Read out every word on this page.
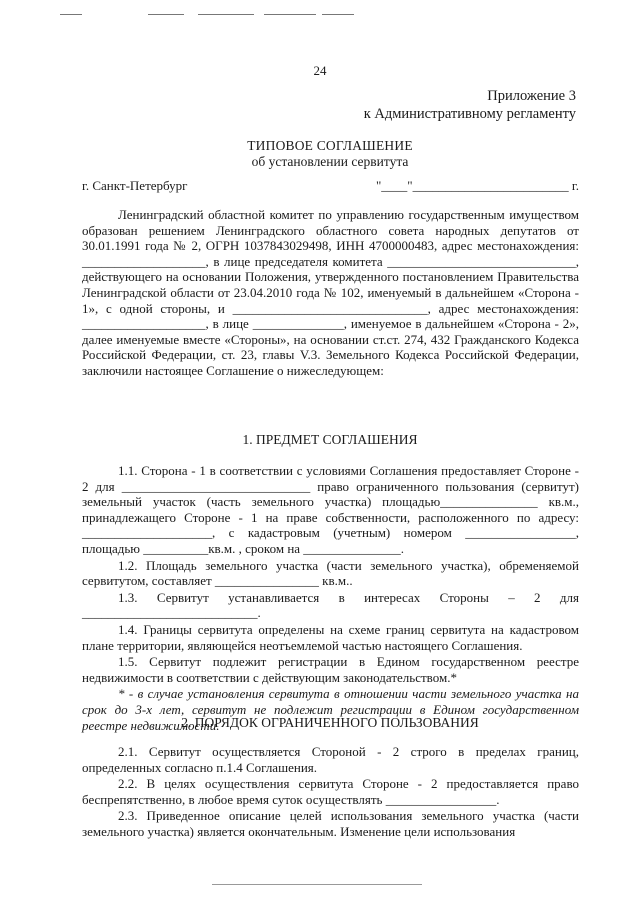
24
Приложение 3
к Административному регламенту
ТИПОВОЕ СОГЛАШЕНИЕ
об установлении сервитута
г. Санкт-Петербург	"____"________________________ г.

Ленинградский областной комитет по управлению государственным имуществом образован решением Ленинградского областного совета народных депутатов от 30.01.1991 года № 2, ОГРН 1037843029498, ИНН 4700000483, адрес местонахождения: ___________________, в лице председателя комитета _____________________________, действующего на основании Положения, утвержденного постановлением Правительства Ленинградской области от 23.04.2010 года № 102, именуемый в дальнейшем «Сторона - 1», с одной стороны, и ______________________________, адрес местонахождения: ___________________, в лице ______________, именуемое в дальнейшем «Сторона - 2», далее именуемые вместе «Стороны», на основании ст.ст. 274, 432 Гражданского Кодекса Российской Федерации, ст. 23, главы V.3. Земельного Кодекса Российской Федерации, заключили настоящее Соглашение о нижеследующем:

1. ПРЕДМЕТ СОГЛАШЕНИЯ

1.1. Сторона - 1 в соответствии с условиями Соглашения предоставляет Стороне - 2 для _____________________________ право ограниченного пользования (сервитут) земельный участок (часть земельного участка) площадью_______________ кв.м., принадлежащего Стороне - 1 на праве собственности, расположенного по адресу: ____________________, с кадастровым (учетным) номером _________________, площадью __________кв.м. , сроком на _______________.

1.2. Площадь земельного участка (части земельного участка), обременяемой сервитутом, составляет ________________ кв.м..

1.3. Сервитут устанавливается в интересах Стороны – 2 для ___________________________.

1.4. Границы сервитута определены на схеме границ сервитута на кадастровом плане территории, являющейся неотъемлемой частью настоящего Соглашения.

1.5. Сервитут подлежит регистрации в Едином государственном реестре недвижимости в соответствии с действующим законодательством.*

* - в случае установления сервитута в отношении части земельного участка на срок до 3-х лет, сервитут не подлежит регистрации в Едином государственном реестре недвижимости.

2. ПОРЯДОК ОГРАНИЧЕННОГО ПОЛЬЗОВАНИЯ

2.1. Сервитут осуществляется Стороной - 2 строго в пределах границ, определенных согласно п.1.4 Соглашения.

2.2. В целях осуществления сервитута Стороне - 2 предоставляется право беспрепятственно, в любое время суток осуществлять _________________.

2.3. Приведенное описание целей использования земельного участка (части земельного участка) является окончательным. Изменение цели использования
